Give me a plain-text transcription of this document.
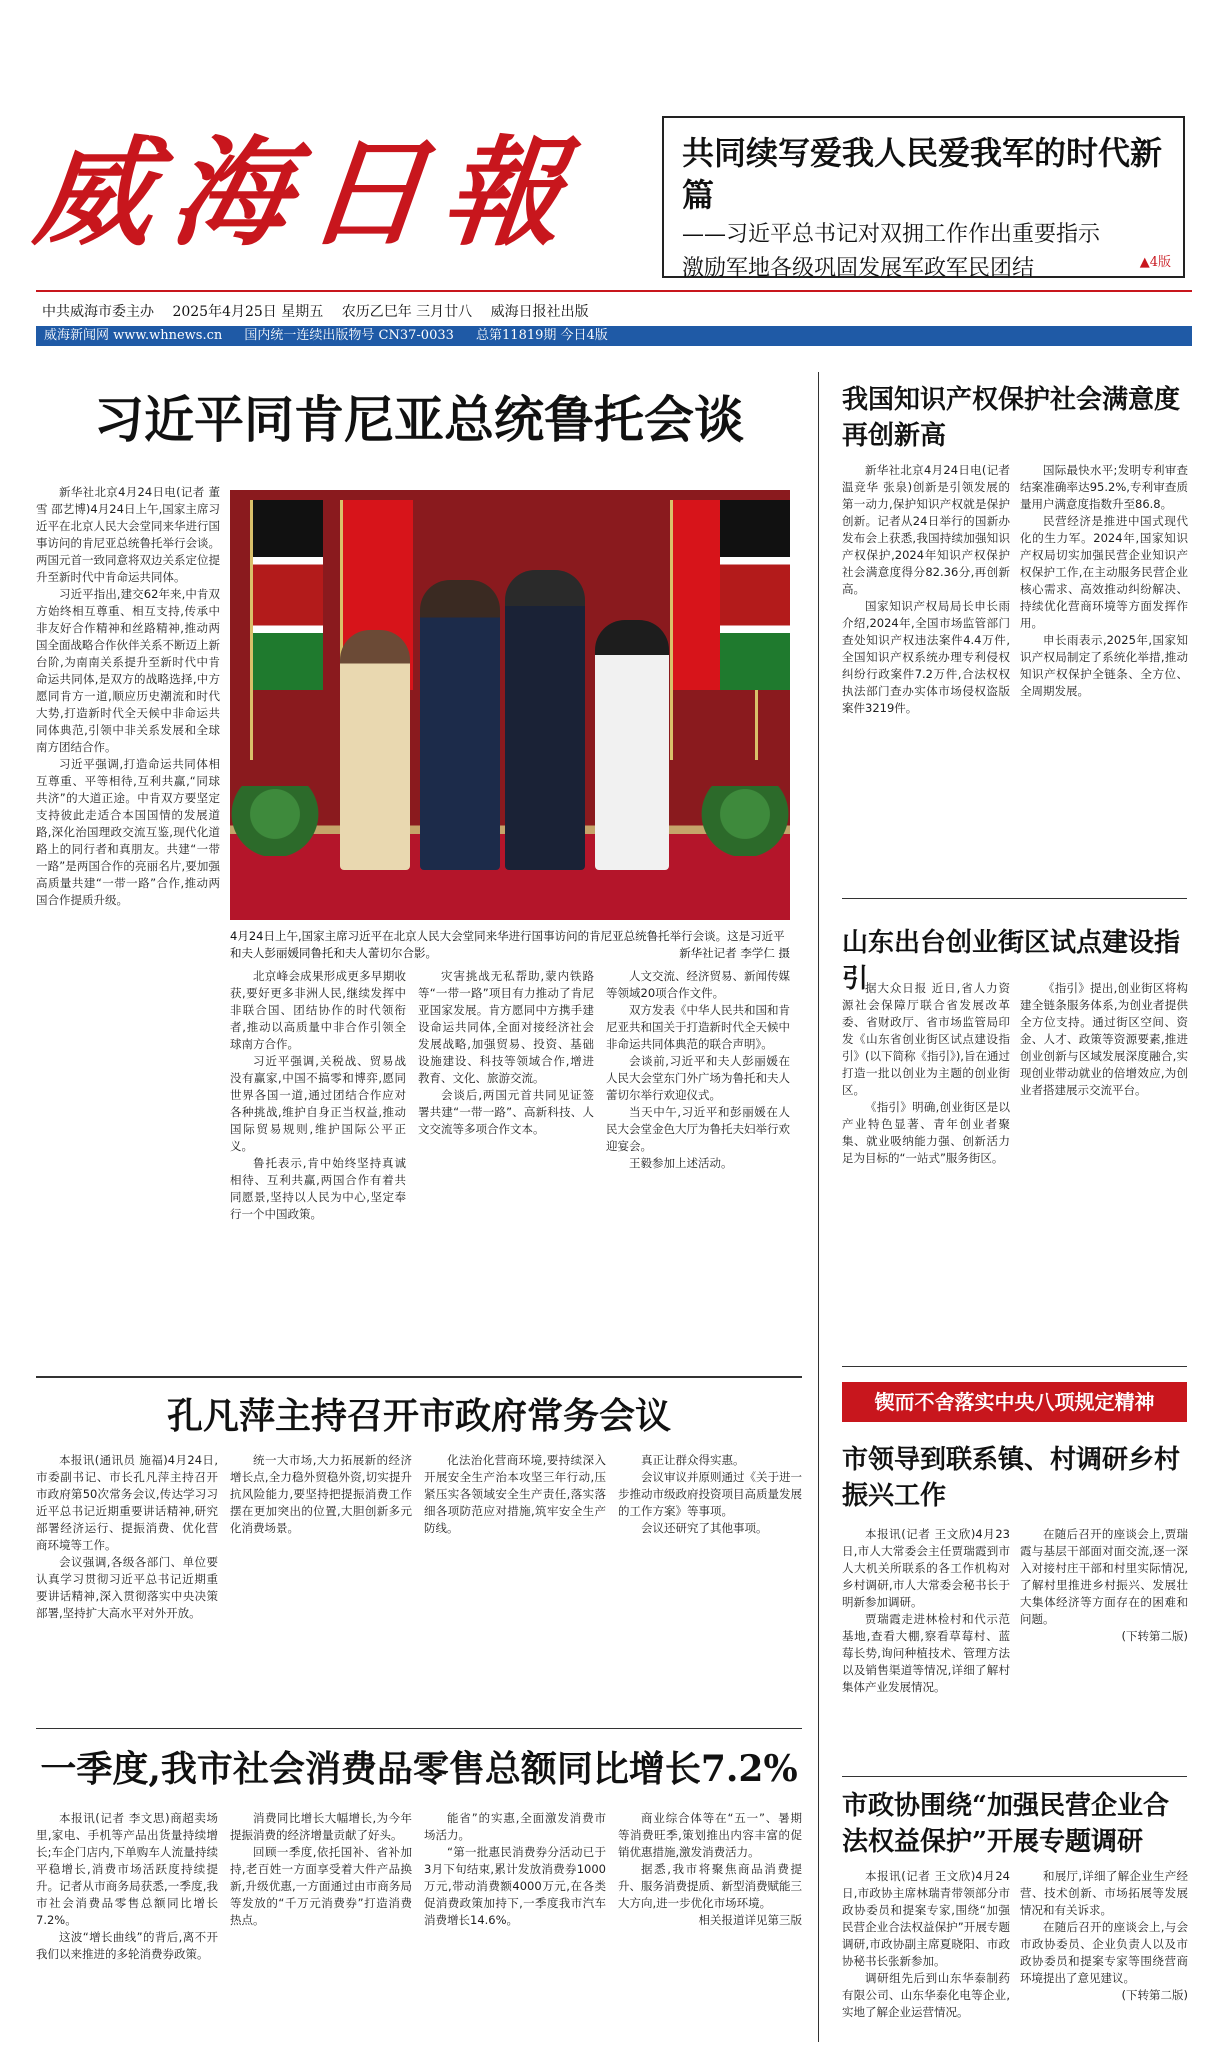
威海日報	共同续写爱我人民爱我军的时代新篇
——习近平总书记对双拥工作作出重要指示
激励军地各级巩固发展军政军民团结	▲4版
中共威海市委主办 2025年4月25日 星期五 农历乙巳年 三月廿八 威海日报社出版
威海新闻网 www.whnews.cn 国内统一连续出版物号 CN37-0033 总第11819期 今日4版
习近平同肯尼亚总统鲁托会谈

新华社北京4月24日电(记者 董雪 邵艺博)4月24日上午,国家主席习近平在北京人民大会堂同来华进行国事访问的肯尼亚总统鲁托举行会谈。两国元首一致同意将双边关系定位提升至新时代中肯命运共同体。

习近平指出,建交62年来,中肯双方始终相互尊重、相互支持,传承中非友好合作精神和丝路精神,推动两国全面战略合作伙伴关系不断迈上新台阶,为南南关系提升至新时代中肯命运共同体,是双方的战略选择,中方愿同肯方一道,顺应历史潮流和时代大势,打造新时代全天候中非命运共同体典范,引领中非关系发展和全球南方团结合作。

习近平强调,打造命运共同体相互尊重、平等相待,互利共赢,“同球共济”的大道正途。中肯双方要坚定支持彼此走适合本国国情的发展道路,深化治国理政交流互鉴,现代化道路上的同行者和真朋友。共建“一带一路”是两国合作的亮丽名片,要加强高质量共建“一带一路”合作,推动两国合作提质升级。

4月24日上午,国家主席习近平在北京人民大会堂同来华进行国事访问的肯尼亚总统鲁托举行会谈。这是习近平和夫人彭丽媛同鲁托和夫人蕾切尔合影。	新华社记者 李学仁 摄

北京峰会成果形成更多早期收获,要好更多非洲人民,继续发挥中非联合国、团结协作的时代领衔者,推动以高质量中非合作引领全球南方合作。

习近平强调,关税战、贸易战没有赢家,中国不搞零和博弈,愿同世界各国一道,通过团结合作应对各种挑战,维护自身正当权益,推动国际贸易规则,维护国际公平正义。

鲁托表示,肯中始终坚持真诚相待、互利共赢,两国合作有着共同愿景,坚持以人民为中心,坚定奉行一个中国政策。

灾害挑战无私帮助,蒙内铁路等“一带一路”项目有力推动了肯尼亚国家发展。肯方愿同中方携手建设命运共同体,全面对接经济社会发展战略,加强贸易、投资、基础设施建设、科技等领域合作,增进教育、文化、旅游交流。

会谈后,两国元首共同见证签署共建“一带一路”、高新科技、人文交流等多项合作文本。

人文交流、经济贸易、新闻传媒等领域20项合作文件。

双方发表《中华人民共和国和肯尼亚共和国关于打造新时代全天候中非命运共同体典范的联合声明》。

会谈前,习近平和夫人彭丽媛在人民大会堂东门外广场为鲁托和夫人蕾切尔举行欢迎仪式。

当天中午,习近平和彭丽媛在人民大会堂金色大厅为鲁托夫妇举行欢迎宴会。

王毅参加上述活动。

我国知识产权保护社会满意度再创新高

新华社北京4月24日电(记者 温竞华 张泉)创新是引领发展的第一动力,保护知识产权就是保护创新。记者从24日举行的国新办发布会上获悉,我国持续加强知识产权保护,2024年知识产权保护社会满意度得分82.36分,再创新高。

国家知识产权局局长申长雨介绍,2024年,全国市场监管部门查处知识产权违法案件4.4万件,全国知识产权系统办理专利侵权纠纷行政案件7.2万件,合法权权执法部门查办实体市场侵权盗版案件3219件。

国际最快水平;发明专利审查结案准确率达95.2%,专利审查质量用户满意度指数升至86.8。

民营经济是推进中国式现代化的生力军。2024年,国家知识产权局切实加强民营企业知识产权保护工作,在主动服务民营企业核心需求、高效推动纠纷解决、持续优化营商环境等方面发挥作用。

申长雨表示,2025年,国家知识产权局制定了系统化举措,推动知识产权保护全链条、全方位、全周期发展。

山东出台创业街区试点建设指引

据大众日报 近日,省人力资源社会保障厅联合省发展改革委、省财政厅、省市场监管局印发《山东省创业街区试点建设指引》(以下简称《指引》),旨在通过打造一批以创业为主题的创业街区。

《指引》明确,创业街区是以产业特色显著、青年创业者聚集、就业吸纳能力强、创新活力足为目标的“一站式”服务街区。

《指引》提出,创业街区将构建全链条服务体系,为创业者提供全方位支持。通过街区空间、资金、人才、政策等资源要素,推进创业创新与区域发展深度融合,实现创业带动就业的倍增效应,为创业者搭建展示交流平台。

孔凡萍主持召开市政府常务会议

本报讯(通讯员 施福)4月24日,市委副书记、市长孔凡萍主持召开市政府第50次常务会议,传达学习习近平总书记近期重要讲话精神,研究部署经济运行、提振消费、优化营商环境等工作。

会议强调,各级各部门、单位要认真学习贯彻习近平总书记近期重要讲话精神,深入贯彻落实中央决策部署,坚持扩大高水平对外开放。

统一大市场,大力拓展新的经济增长点,全力稳外贸稳外资,切实提升抗风险能力,要坚持把提振消费工作摆在更加突出的位置,大胆创新多元化消费场景。

化法治化营商环境,要持续深入开展安全生产治本攻坚三年行动,压紧压实各领域安全生产责任,落实落细各项防范应对措施,筑牢安全生产防线。

真正让群众得实惠。

会议审议并原则通过《关于进一步推动市级政府投资项目高质量发展的工作方案》等事项。

会议还研究了其他事项。

一季度,我市社会消费品零售总额同比增长7.2%

本报讯(记者 李文思)商超卖场里,家电、手机等产品出货量持续增长;车企门店内,下单购车人流量持续平稳增长,消费市场活跃度持续提升。记者从市商务局获悉,一季度,我市社会消费品零售总额同比增长7.2%。

这波“增长曲线”的背后,离不开我们以来推进的多轮消费券政策。

消费同比增长大幅增长,为今年提振消费的经济增量贡献了好头。

回顾一季度,依托国补、省补加持,老百姓一方面享受着大件产品换新,升级优惠,一方面通过由市商务局等发放的“千万元消费券”打造消费热点。

能省”的实惠,全面激发消费市场活力。

“第一批惠民消费券分活动已于3月下旬结束,累计发放消费券1000万元,带动消费额4000万元,在各类促消费政策加持下,一季度我市汽车消费增长14.6%。

商业综合体等在“五一”、暑期等消费旺季,策划推出内容丰富的促销优惠措施,激发消费活力。

据悉,我市将聚焦商品消费提升、服务消费提质、新型消费赋能三大方向,进一步优化市场环境。

相关报道详见第三版

锲而不舍落实中央八项规定精神
市领导到联系镇、村调研乡村振兴工作

本报讯(记者 王文欣)4月23日,市人大常委会主任贾瑞霞到市人大机关所联系的各工作机构对乡村调研,市人大常委会秘书长于明新参加调研。

贾瑞霞走进林检村和代示范基地,查看大棚,察看草莓村、蓝莓长势,询问种植技术、管理方法以及销售渠道等情况,详细了解村集体产业发展情况。

在随后召开的座谈会上,贾瑞霞与基层干部面对面交流,逐一深入对接村庄干部和村里实际情况,了解村里推进乡村振兴、发展壮大集体经济等方面存在的困难和问题。

(下转第二版)

市政协围绕“加强民营企业合法权益保护”开展专题调研

本报讯(记者 王文欣)4月24日,市政协主席林瑞青带领部分市政协委员和提案专家,围绕“加强民营企业合法权益保护”开展专题调研,市政协副主席夏晓阳、市政协秘书长张新参加。

调研组先后到山东华泰制药有限公司、山东华泰化电等企业,实地了解企业运营情况。

和展厅,详细了解企业生产经营、技术创新、市场拓展等发展情况和有关诉求。

在随后召开的座谈会上,与会市政协委员、企业负责人以及市政协委员和提案专家等围绕营商环境提出了意见建议。

(下转第二版)
